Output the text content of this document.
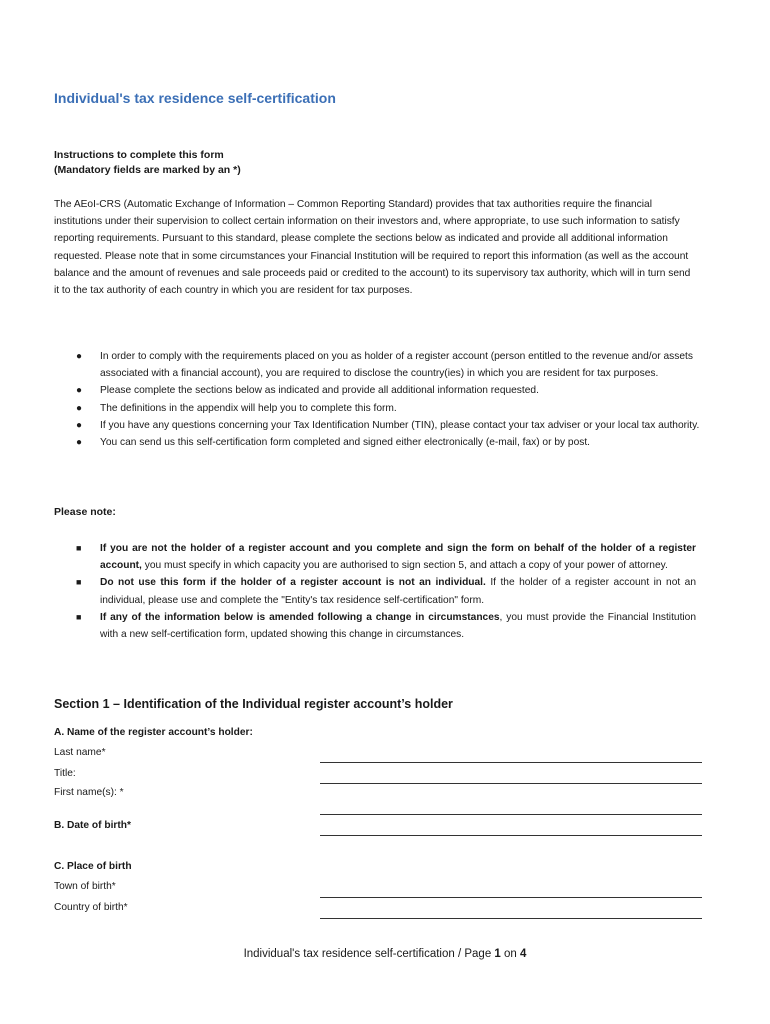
Individual's tax residence self-certification
Instructions to complete this form
(Mandatory fields are marked by an *)
The AEoI-CRS (Automatic Exchange of Information – Common Reporting Standard) provides that tax authorities require the financial institutions under their supervision to collect certain information on their investors and, where appropriate, to use such information to satisfy reporting requirements. Pursuant to this standard, please complete the sections below as indicated and provide all additional information requested. Please note that in some circumstances your Financial Institution will be required to report this information (as well as the account balance and the amount of revenues and sale proceeds paid or credited to the account) to its supervisory tax authority, which will in turn send it to the tax authority of each country in which you are resident for tax purposes.
● In order to comply with the requirements placed on you as holder of a register account (person entitled to the revenue and/or assets associated with a financial account), you are required to disclose the country(ies) in which you are resident for tax purposes.
● Please complete the sections below as indicated and provide all additional information requested.
● The definitions in the appendix will help you to complete this form.
● If you have any questions concerning your Tax Identification Number (TIN), please contact your tax adviser or your local tax authority.
● You can send us this self-certification form completed and signed either electronically (e-mail, fax) or by post.
Please note:
■ If you are not the holder of a register account and you complete and sign the form on behalf of the holder of a register account, you must specify in which capacity you are authorised to sign section 5, and attach a copy of your power of attorney.
■ Do not use this form if the holder of a register account is not an individual. If the holder of a register account in not an individual, please use and complete the "Entity's tax residence self-certification" form.
■ If any of the information below is amended following a change in circumstances, you must provide the Financial Institution with a new self-certification form, updated showing this change in circumstances.
Section 1 – Identification of the Individual register account’s holder
A. Name of the register account’s holder:
Last name*
Title:
First name(s): *
B. Date of birth*
C. Place of birth
Town of birth*
Country of birth*
Individual's tax residence self-certification / Page 1 on 4
